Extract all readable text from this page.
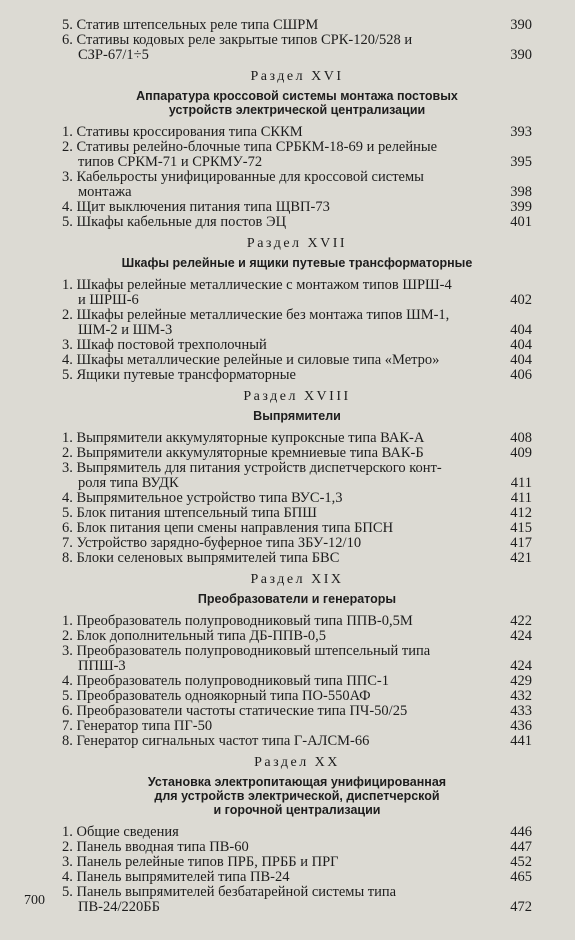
5. Статив штепсельных реле типа СШРМ	390
6. Стативы кодовых реле закрытые типов СРК-120/528 и
СЗР-67/1÷5	390
Раздел XVI
Аппаратура кроссовой системы монтажа постовых
устройств электрической централизации
1. Стативы кроссирования типа СККМ	393
2. Стативы релейно-блочные типа СРБКМ-18-69 и релейные
типов СРКМ-71 и СРКМУ-72	395
3. Кабельросты унифицированные для кроссовой системы
монтажа	398
4. Щит выключения питания типа ЩВП-73	399
5. Шкафы кабельные для постов ЭЦ	401
Раздел XVII
Шкафы релейные и ящики путевые трансформаторные
1. Шкафы релейные металлические с монтажом типов ШРШ-4
и ШРШ-6	402
2. Шкафы релейные металлические без монтажа типов ШМ-1,
ШМ-2 и ШМ-3	404
3. Шкаф постовой трехполочный	404
4. Шкафы металлические релейные и силовые типа «Метро»	404
5. Ящики путевые трансформаторные	406
Раздел XVIII
Выпрямители
1. Выпрямители аккумуляторные купроксные типа ВАК-А	408
2. Выпрямители аккумуляторные кремниевые типа ВАК-Б	409
3. Выпрямитель для питания устройств диспетчерского конт-
роля типа ВУДК	411
4. Выпрямительное устройство типа ВУС-1,3	411
5. Блок питания штепсельный типа БПШ	412
6. Блок питания цепи смены направления типа БПСН	415
7. Устройство зарядно-буферное типа ЗБУ-12/10	417
8. Блоки селеновых выпрямителей типа БВС	421
Раздел XIX
Преобразователи и генераторы
1. Преобразователь полупроводниковый типа ППВ-0,5М	422
2. Блок дополнительный типа ДБ-ППВ-0,5	424
3. Преобразователь полупроводниковый штепсельный типа
ППШ-3	424
4. Преобразователь полупроводниковый типа ППС-1	429
5. Преобразователь одноякорный типа ПО-550АФ	432
6. Преобразователи частоты статические типа ПЧ-50/25	433
7. Генератор типа ПГ-50	436
8. Генератор сигнальных частот типа Г-АЛСМ-66	441
Раздел XX
Установка электропитающая унифицированная
для устройств электрической, диспетчерской
и горочной централизации
1. Общие сведения	446
2. Панель вводная типа ПВ-60	447
3. Панель релейные типов ПРБ, ПРББ и ПРГ	452
4. Панель выпрямителей типа ПВ-24	465
5. Панель выпрямителей безбатарейной системы типа
ПВ-24/220ББ	472
700
